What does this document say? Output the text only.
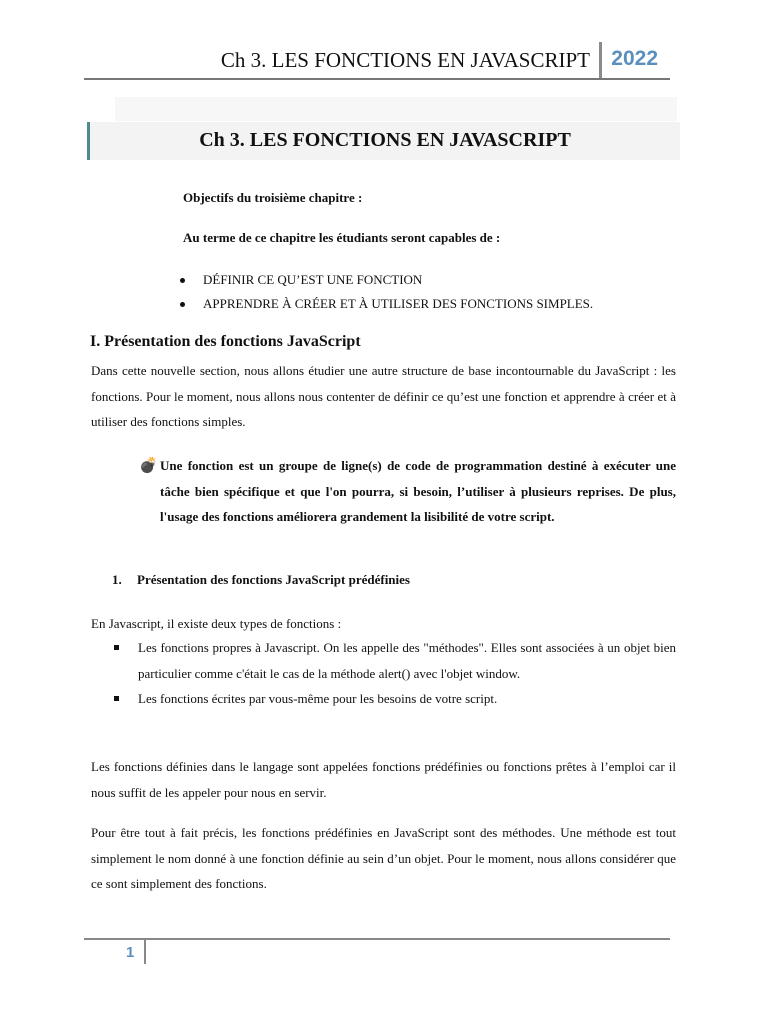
Ch 3. LES FONCTIONS EN JAVASCRIPT 2022
Ch 3. LES FONCTIONS EN JAVASCRIPT
Objectifs du troisième chapitre :
Au terme de ce chapitre les étudiants seront capables de :
DÉFINIR CE QU’EST UNE FONCTION
APPRENDRE À CRÉER ET À UTILISER DES FONCTIONS SIMPLES.
I. Présentation des fonctions JavaScript
Dans cette nouvelle section, nous allons étudier une autre structure de base incontournable du JavaScript : les fonctions. Pour le moment, nous allons nous contenter de définir ce qu’est une fonction et apprendre à créer et à utiliser des fonctions simples.
💣 Une fonction est un groupe de ligne(s) de code de programmation destiné à exécuter une tâche bien spécifique et que l'on pourra, si besoin, l’utiliser à plusieurs reprises. De plus, l'usage des fonctions améliorera grandement la lisibilité de votre script.
1. Présentation des fonctions JavaScript prédéfinies
En Javascript, il existe deux types de fonctions :
Les fonctions propres à Javascript. On les appelle des "méthodes". Elles sont associées à un objet bien particulier comme c'était le cas de la méthode alert() avec l'objet window.
Les fonctions écrites par vous-même pour les besoins de votre script.
Les fonctions définies dans le langage sont appelées fonctions prédéfinies ou fonctions prêtes à l’emploi car il nous suffit de les appeler pour nous en servir.
Pour être tout à fait précis, les fonctions prédéfinies en JavaScript sont des méthodes. Une méthode est tout simplement le nom donné à une fonction définie au sein d’un objet. Pour le moment, nous allons considérer que ce sont simplement des fonctions.
1
